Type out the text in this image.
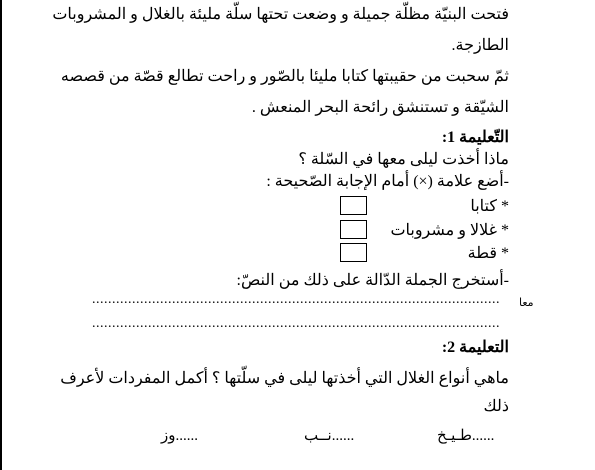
فتحت البنيّة مظلّة جميلة و وضعت تحتها سلّة مليئة بالغلال و المشروبات
الطازجة.
ثمّ سحبت من حقيبتها كتابا مليئا بالصّور و راحت تطالع قصّة من قصصه
الشيّقة و تستنشق رائحة البحر المنعش .
التّعليمة 1:
ماذا أخذت ليلى معها في السّلة ؟
-أضع علامة (×) أمام الإجابة الصّحيحة :
* كتابا
* غلالا و مشروبات
* قطة
-أستخرج الجملة الدّالة على ذلك من النصّ:
......................................................................................................
......................................................................................................
معا
التعليمة 2:
ماهي أنواع الغلال التي أخذتها ليلى في سلّتها ؟ أكمل المفردات لأعرف
ذلك
......طـيـخ
......نــب
......وز
